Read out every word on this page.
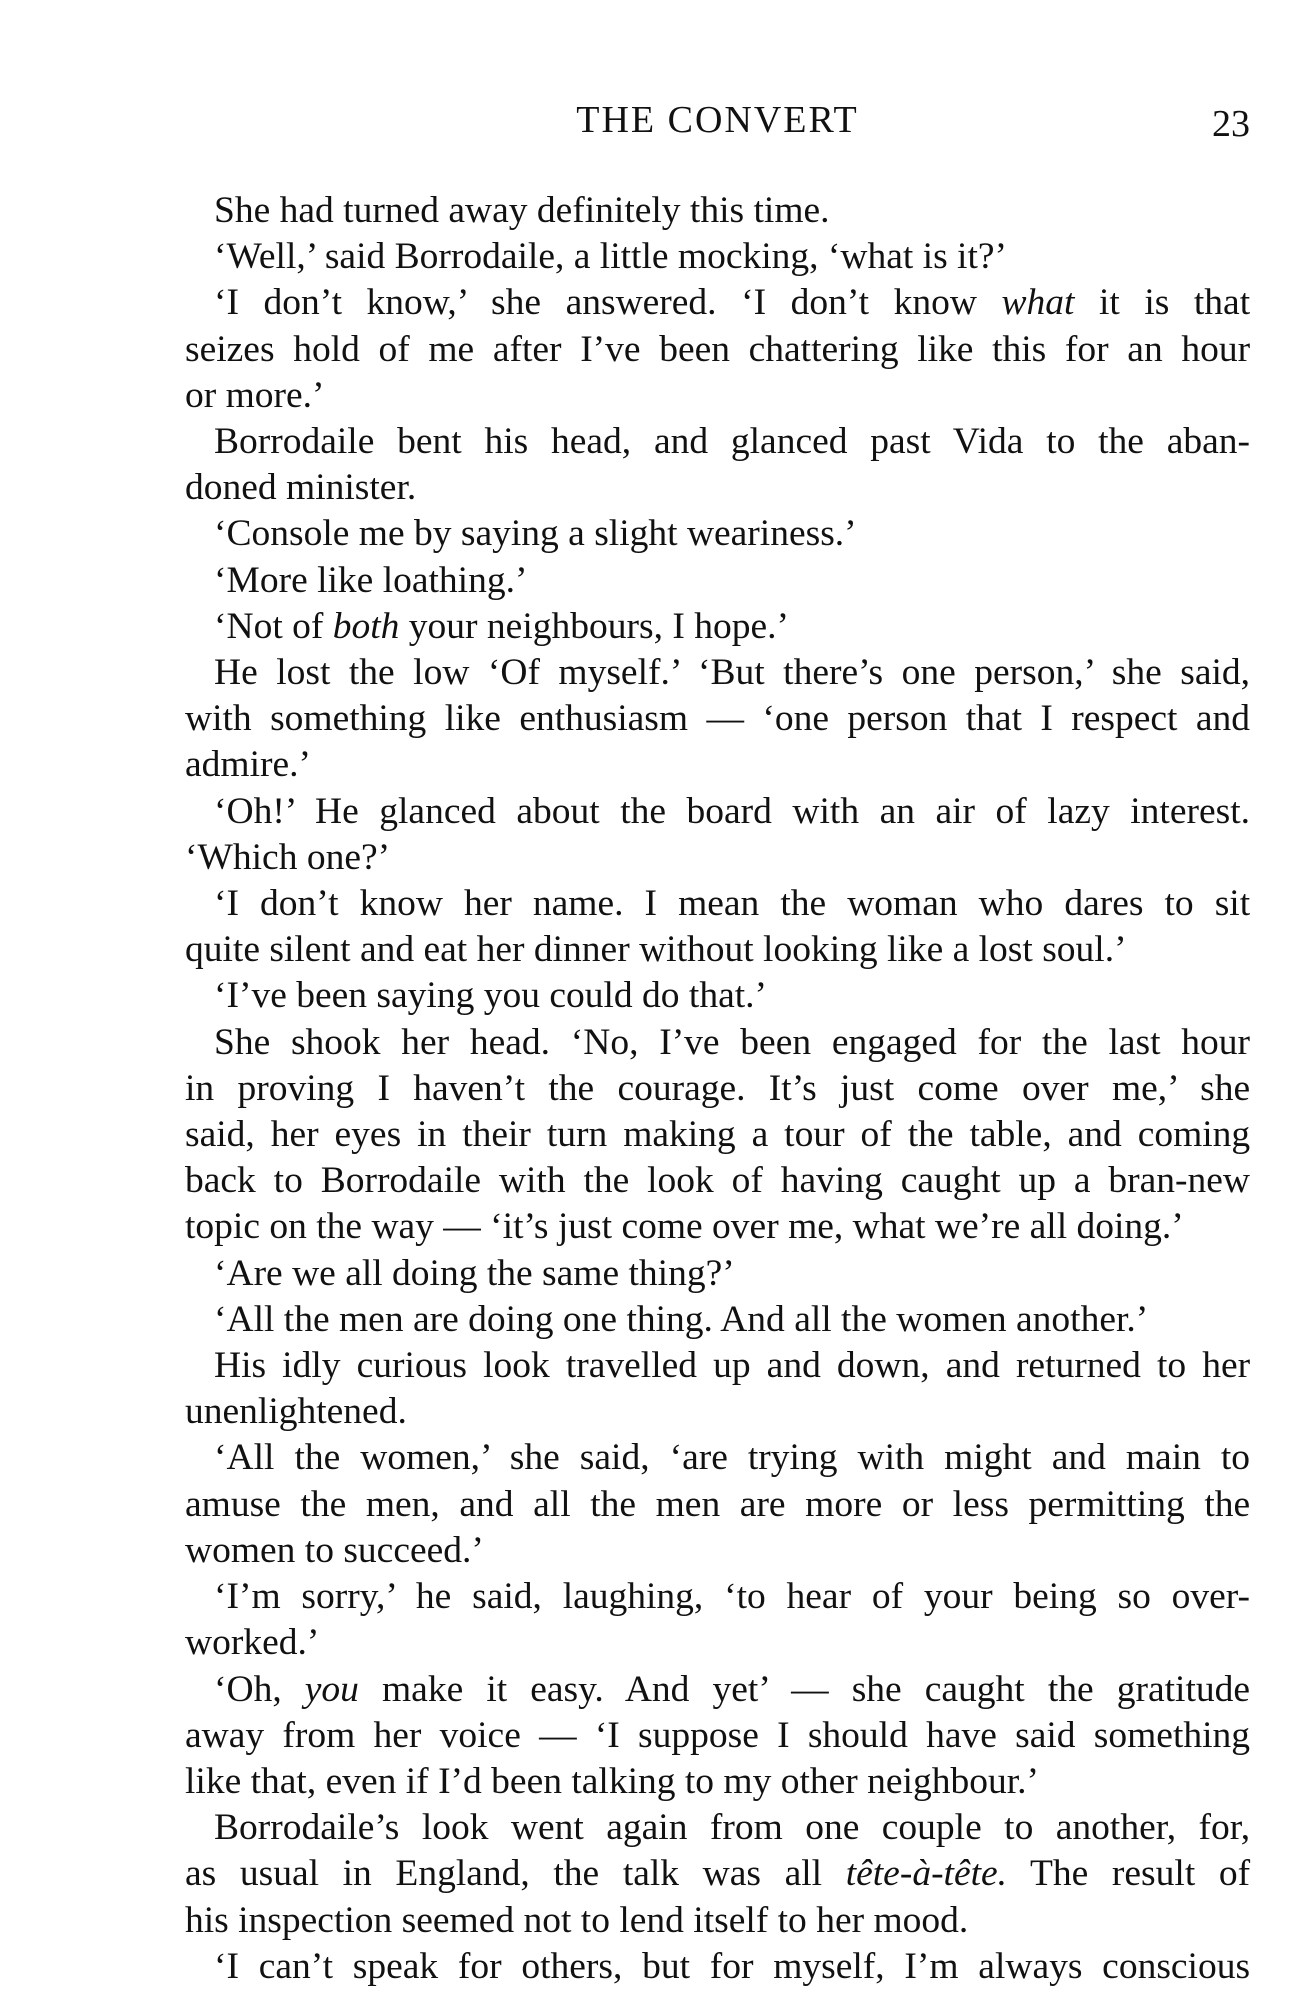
THE CONVERT	23
She had turned away definitely this time.
‘Well,’ said Borrodaile, a little mocking, ‘what is it?’
‘I don’t know,’ she answered. ‘I don’t know what it is that
seizes hold of me after I’ve been chattering like this for an hour
or more.’
Borrodaile bent his head, and glanced past Vida to the aban-
doned minister.
‘Console me by saying a slight weariness.’
‘More like loathing.’
‘Not of both your neighbours, I hope.’
He lost the low ‘Of myself.’ ‘But there’s one person,’ she said,
with something like enthusiasm — ‘one person that I respect and
admire.’
‘Oh!’ He glanced about the board with an air of lazy interest.
‘Which one?’
‘I don’t know her name. I mean the woman who dares to sit
quite silent and eat her dinner without looking like a lost soul.’
‘I’ve been saying you could do that.’
She shook her head. ‘No, I’ve been engaged for the last hour
in proving I haven’t the courage. It’s just come over me,’ she
said, her eyes in their turn making a tour of the table, and coming
back to Borrodaile with the look of having caught up a bran-new
topic on the way — ‘it’s just come over me, what we’re all doing.’
‘Are we all doing the same thing?’
‘All the men are doing one thing. And all the women another.’
His idly curious look travelled up and down, and returned to her
unenlightened.
‘All the women,’ she said, ‘are trying with might and main to
amuse the men, and all the men are more or less permitting the
women to succeed.’
‘I’m sorry,’ he said, laughing, ‘to hear of your being so over-
worked.’
‘Oh, you make it easy. And yet’ — she caught the gratitude
away from her voice — ‘I suppose I should have said something
like that, even if I’d been talking to my other neighbour.’
Borrodaile’s look went again from one couple to another, for,
as usual in England, the talk was all tête-à-tête. The result of
his inspection seemed not to lend itself to her mood.
‘I can’t speak for others, but for myself, I’m always conscious
